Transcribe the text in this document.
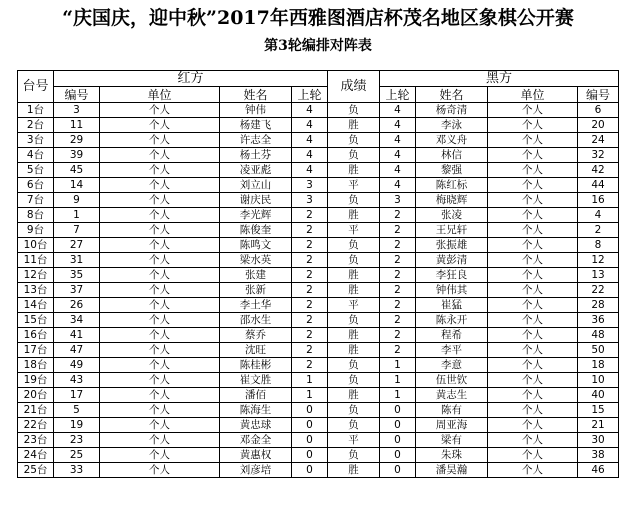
“庆国庆，迎中秋”2017年西雅图酒店杯茂名地区象棋公开赛
第3轮编排对阵表
台号	红方				成绩	黑方			
	编号	单位	姓名	上轮		上轮	姓名	单位	编号
1台	3	个人	钟伟	4	负	4	杨奇清	个人	6
2台	11	个人	杨建飞	4	胜	4	李泳	个人	20
3台	29	个人	许志全	4	负	4	邓义舟	个人	24
4台	39	个人	杨土芬	4	负	4	林信	个人	32
5台	45	个人	凌亚彪	4	胜	4	黎强	个人	42
6台	14	个人	刘立山	3	平	4	陈红标	个人	44
7台	9	个人	谢庆民	3	负	3	梅晓辉	个人	16
8台	1	个人	李光辉	2	胜	2	张凌	个人	4
9台	7	个人	陈俊奎	2	平	2	王兄轩	个人	2
10台	27	个人	陈鸣文	2	负	2	张振雄	个人	8
11台	31	个人	梁水英	2	负	2	黄彭清	个人	12
12台	35	个人	张建	2	胜	2	李狂良	个人	13
13台	37	个人	张新	2	胜	2	钟伟其	个人	22
14台	26	个人	李土华	2	平	2	崔猛	个人	28
15台	34	个人	邵水生	2	负	2	陈永开	个人	36
16台	41	个人	蔡乔	2	胜	2	程希	个人	48
17台	47	个人	沈旺	2	胜	2	李平	个人	50
18台	49	个人	陈桂彬	2	负	1	李意	个人	18
19台	43	个人	崔文胜	1	负	1	伍世钦	个人	10
20台	17	个人	潘佰	1	胜	1	黄志生	个人	40
21台	5	个人	陈海生	0	负	0	陈有	个人	15
22台	19	个人	黄忠球	0	负	0	周亚海	个人	21
23台	23	个人	邓金全	0	平	0	梁有	个人	30
24台	25	个人	黄惠权	0	负	0	朱珠	个人	38
25台	33	个人	刘彦培	0	胜	0	潘昊瀚	个人	46
